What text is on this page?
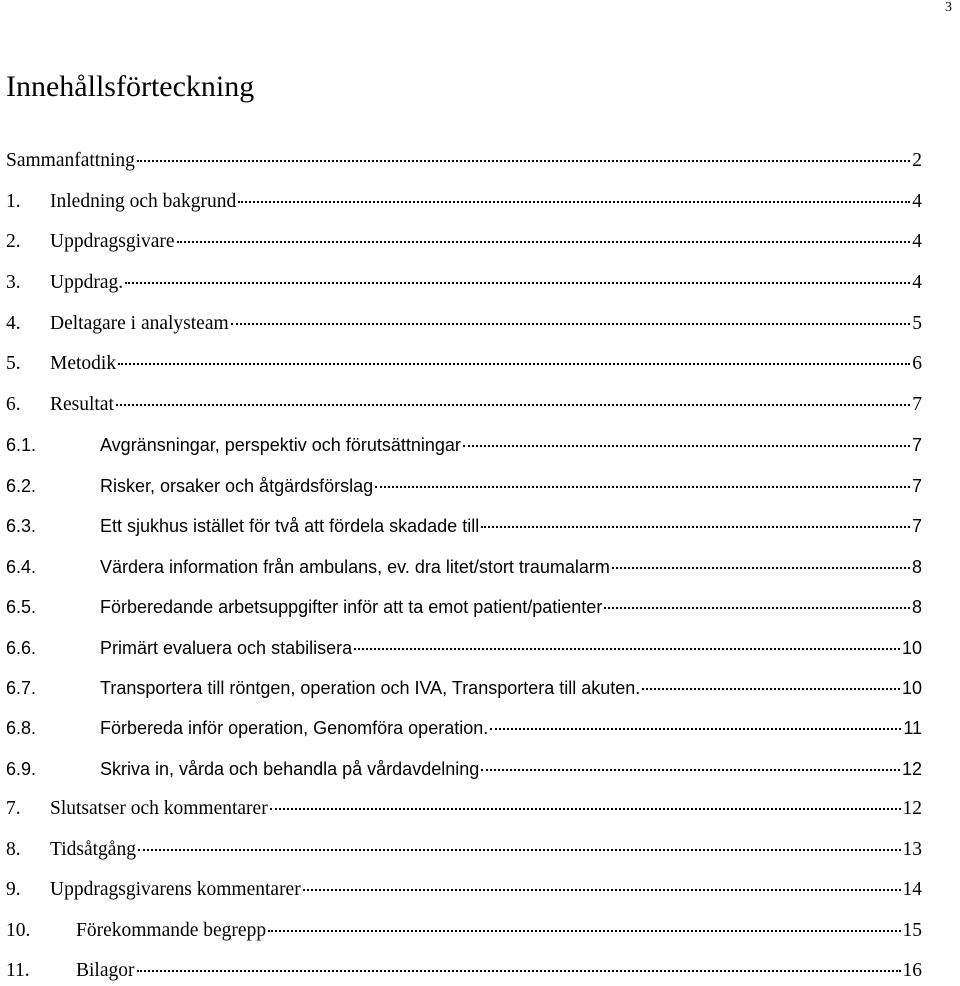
3
Innehållsförteckning
Sammanfattning	2
1.	Inledning och bakgrund	4
2.	Uppdragsgivare	4
3.	Uppdrag.	4
4.	Deltagare i analysteam	5
5.	Metodik	6
6.	Resultat	7
6.1.	Avgränsningar, perspektiv och förutsättningar	7
6.2.	Risker, orsaker och åtgärdsförslag	7
6.3.	Ett sjukhus istället för två att fördela skadade till	7
6.4.	Värdera information från ambulans, ev. dra litet/stort traumalarm	8
6.5.	Förberedande arbetsuppgifter inför att ta emot patient/patienter	8
6.6.	Primärt evaluera och stabilisera	10
6.7.	Transportera till röntgen, operation och IVA, Transportera till akuten.	10
6.8.	Förbereda inför operation, Genomföra operation.	11
6.9.	Skriva in, vårda och behandla på vårdavdelning	12
7.	Slutsatser och kommentarer	12
8.	Tidsåtgång	13
9.	Uppdragsgivarens kommentarer	14
10.	Förekommande begrepp	15
11.	Bilagor	16
